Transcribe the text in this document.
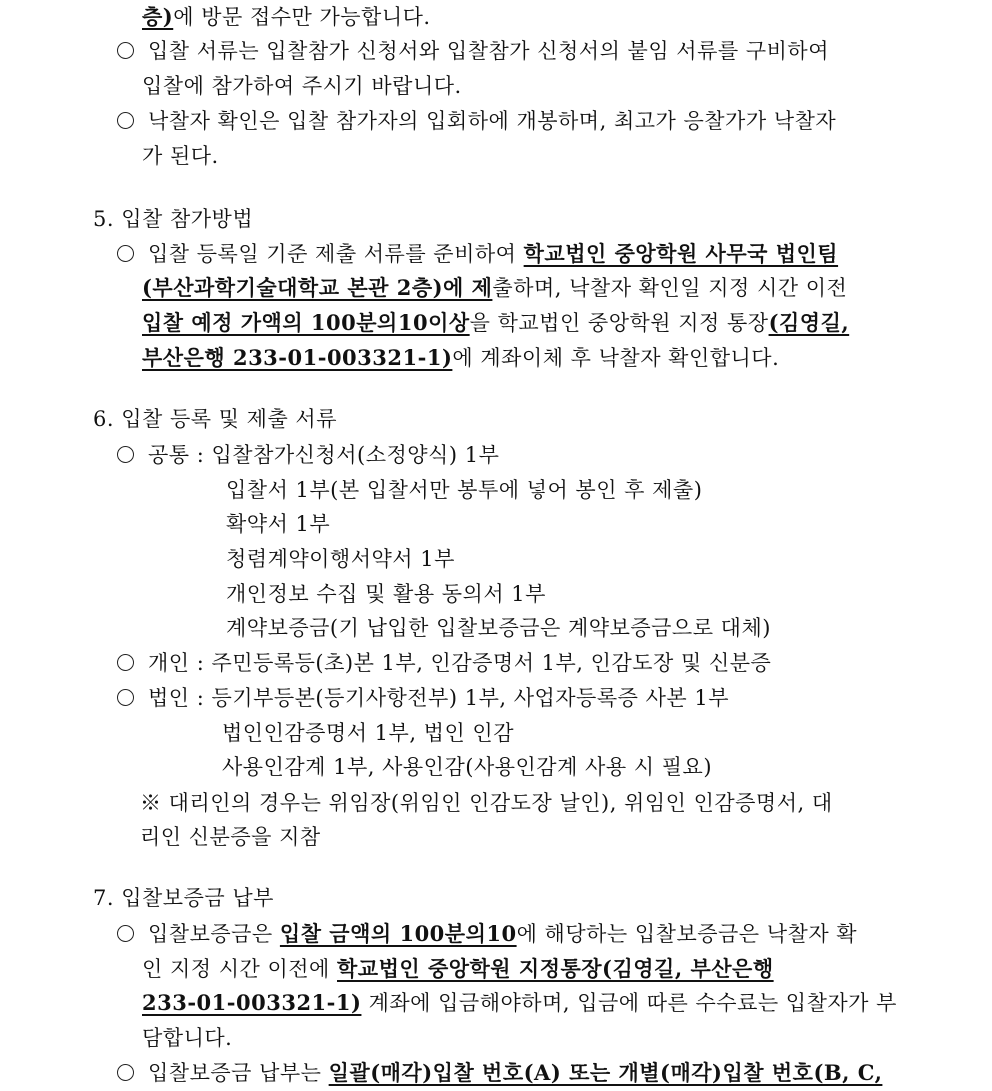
층)에 방문 접수만 가능합니다.
입찰 서류는 입찰참가 신청서와 입찰참가 신청서의 붙임 서류를 구비하여
입찰에 참가하여 주시기 바랍니다.
낙찰자 확인은 입찰 참가자의 입회하에 개봉하며, 최고가 응찰가가 낙찰자
가 된다.
5. 입찰 참가방법
입찰 등록일 기준 제출 서류를 준비하여 학교법인 중앙학원 사무국 법인팀
(부산과학기술대학교 본관 2층)에 제출하며, 낙찰자 확인일 지정 시간 이전
입찰 예정 가액의 100분의10이상을 학교법인 중앙학원 지정 통장(김영길,
부산은행 233-01-003321-1)에 계좌이체 후 낙찰자 확인합니다.
6. 입찰 등록 및 제출 서류
공통 : 입찰참가신청서(소정양식) 1부
입찰서 1부(본 입찰서만 봉투에 넣어 봉인 후 제출)
확약서 1부
청렴계약이행서약서 1부
개인정보 수집 및 활용 동의서 1부
계약보증금(기 납입한 입찰보증금은 계약보증금으로 대체)
개인 : 주민등록등(초)본 1부, 인감증명서 1부, 인감도장 및 신분증
법인 : 등기부등본(등기사항전부) 1부, 사업자등록증 사본 1부
법인인감증명서 1부, 법인 인감
사용인감계 1부, 사용인감(사용인감계 사용 시 필요)
※ 대리인의 경우는 위임장(위임인 인감도장 날인), 위임인 인감증명서, 대
리인 신분증을 지참
7. 입찰보증금 납부
입찰보증금은 입찰 금액의 100분의10에 해당하는 입찰보증금은 낙찰자 확
인 지정 시간 이전에 학교법인 중앙학원 지정통장(김영길, 부산은행
233-01-003321-1) 계좌에 입금해야하며, 입금에 따른 수수료는 입찰자가 부
담합니다.
입찰보증금 납부는 일괄(매각)입찰 번호(A) 또는 개별(매각)입찰 번호(B, C,
